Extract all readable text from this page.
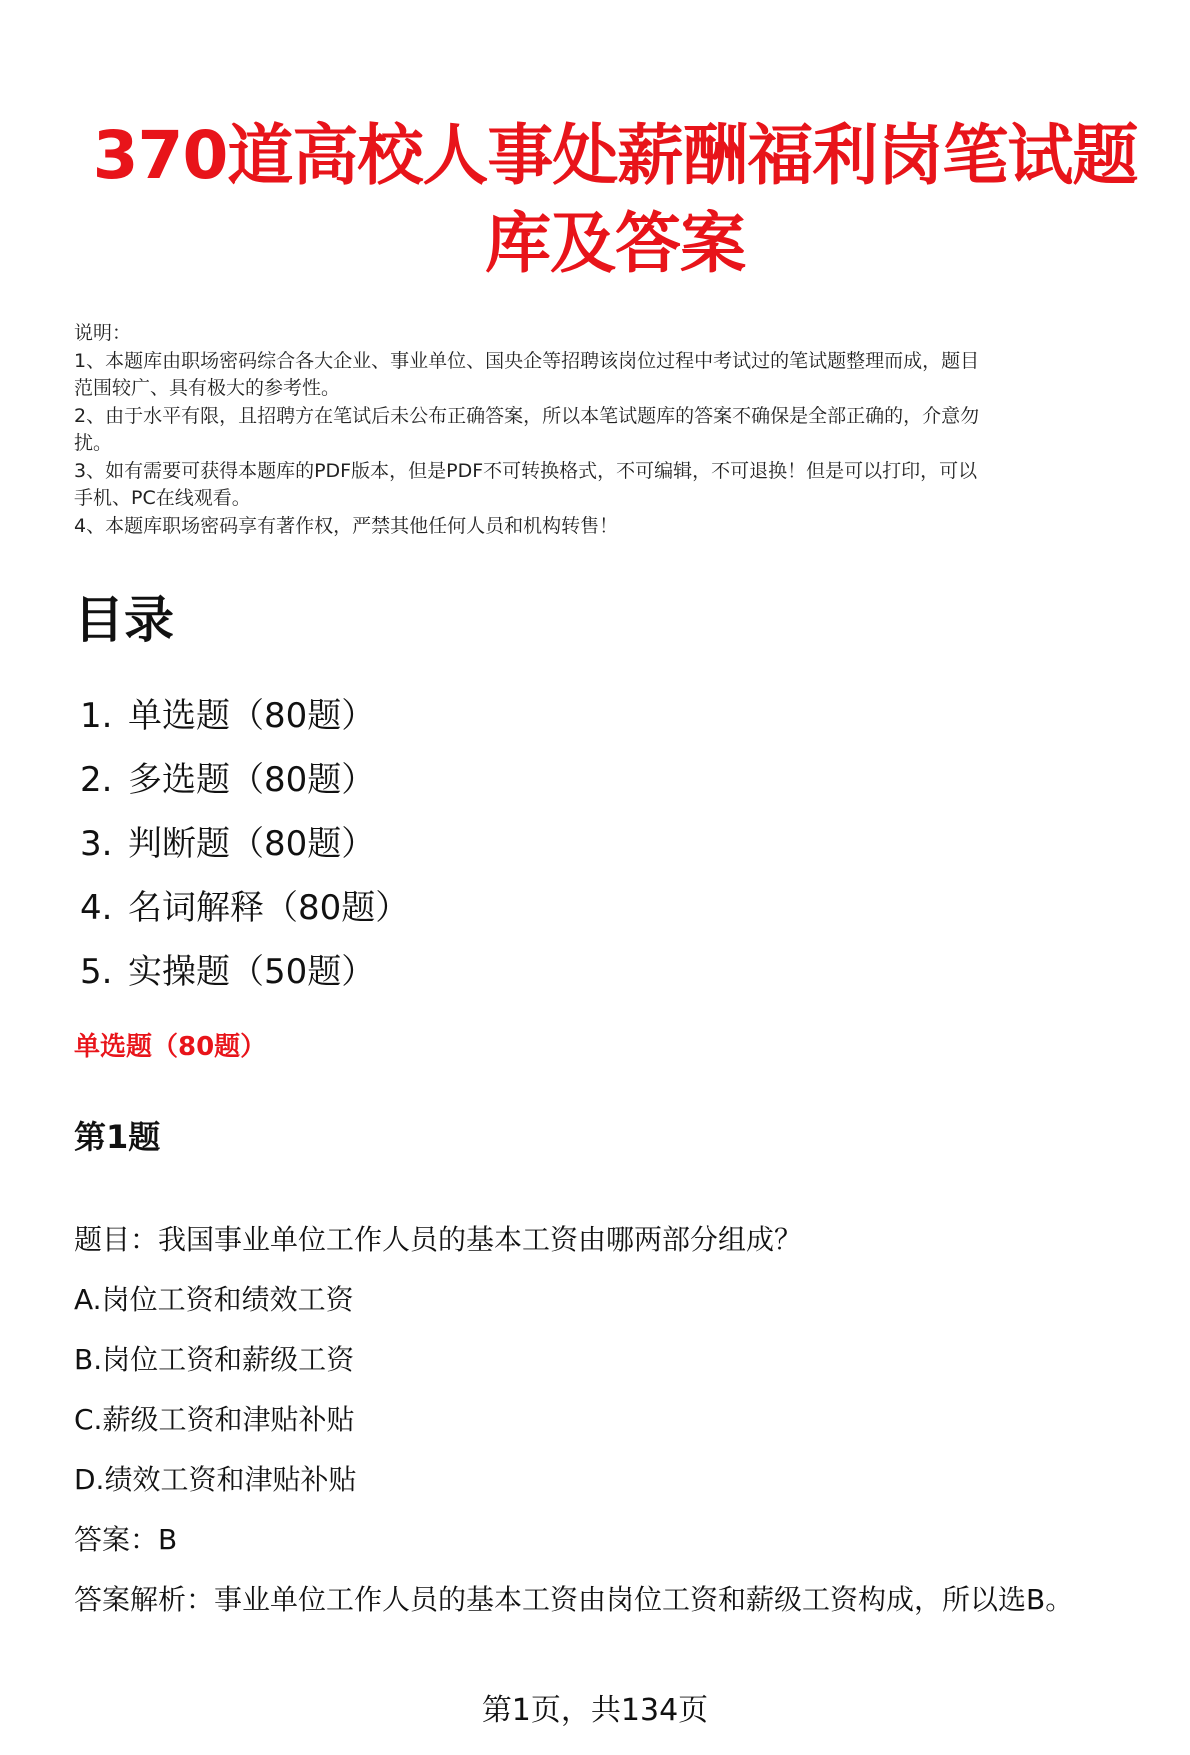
370道高校人事处薪酬福利岗笔试题
库及答案
说明：
1、本题库由职场密码综合各大企业、事业单位、国央企等招聘该岗位过程中考试过的笔试题整理而成，题目
范围较广、具有极大的参考性。
2、由于水平有限，且招聘方在笔试后未公布正确答案，所以本笔试题库的答案不确保是全部正确的，介意勿
扰。
3、如有需要可获得本题库的PDF版本，但是PDF不可转换格式，不可编辑，不可退换！但是可以打印，可以
手机、PC在线观看。
4、本题库职场密码享有著作权，严禁其他任何人员和机构转售！
目录
1. 单选题（80题）
2. 多选题（80题）
3. 判断题（80题）
4. 名词解释（80题）
5. 实操题（50题）
单选题（80题）
第1题
题目：我国事业单位工作人员的基本工资由哪两部分组成？
A.岗位工资和绩效工资
B.岗位工资和薪级工资
C.薪级工资和津贴补贴
D.绩效工资和津贴补贴
答案：B
答案解析：事业单位工作人员的基本工资由岗位工资和薪级工资构成，所以选B。
第1页，共134页
